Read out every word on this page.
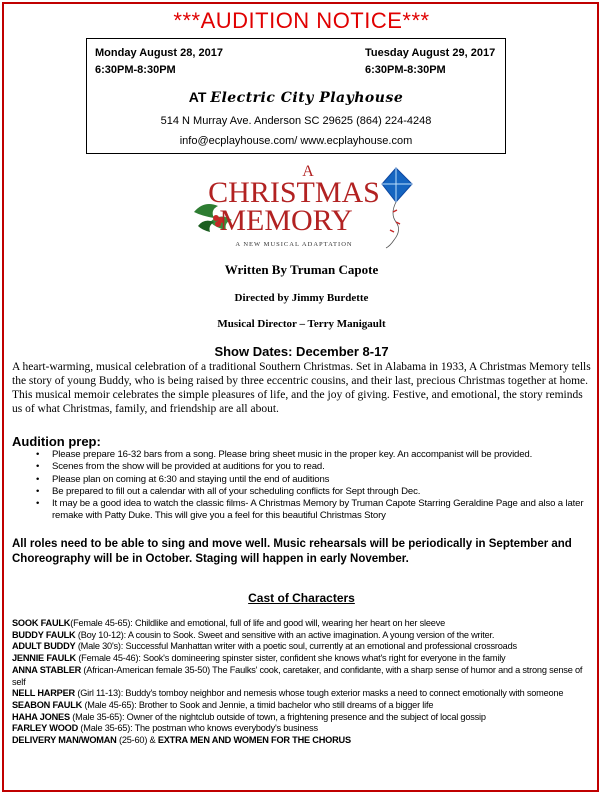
***AUDITION NOTICE***
Monday August 28, 2017
6:30PM-8:30PM
Tuesday August 29, 2017
6:30PM-8:30PM
AT Electric City Playhouse
514 N Murray Ave. Anderson SC 29625 (864) 224-4248
info@ecplayhouse.com/ www.ecplayhouse.com
A
CHRISTMAS
MEMORY
A NEW MUSICAL ADAPTATION
Written By Truman Capote
Directed by Jimmy Burdette
Musical Director – Terry Manigault
Show Dates: December 8-17
A heart-warming, musical celebration of a traditional Southern Christmas. Set in Alabama in 1933, A Christmas Memory tells the story of young Buddy, who is being raised by three eccentric cousins, and their last, precious Christmas together at home. This musical memoir celebrates the simple pleasures of life, and the joy of giving. Festive, and emotional, the story reminds us of what Christmas, family, and friendship are all about.
Audition prep:
• Please prepare 16-32 bars from a song. Please bring sheet music in the proper key. An accompanist will be provided.
• Scenes from the show will be provided at auditions for you to read.
• Please plan on coming at 6:30 and staying until the end of auditions
• Be prepared to fill out a calendar with all of your scheduling conflicts for Sept through Dec.
• It may be a good idea to watch the classic films- A Christmas Memory by Truman Capote Starring Geraldine Page and also a later remake with Patty Duke. This will give you a feel for this beautiful Christmas Story
All roles need to be able to sing and move well. Music rehearsals will be periodically in September and Choreography will be in October. Staging will happen in early November.
Cast of Characters
SOOK FAULK(Female 45-65): Childlike and emotional, full of life and good will, wearing her heart on her sleeve
BUDDY FAULK (Boy 10-12): A cousin to Sook. Sweet and sensitive with an active imagination. A young version of the writer.
ADULT BUDDY (Male 30's): Successful Manhattan writer with a poetic soul, currently at an emotional and professional crossroads
JENNIE FAULK (Female 45-46): Sook's domineering spinster sister, confident she knows what's right for everyone in the family
ANNA STABLER (African-American female 35-50) The Faulks' cook, caretaker, and confidante, with a sharp sense of humor and a strong sense of self
NELL HARPER (Girl 11-13): Buddy's tomboy neighbor and nemesis whose tough exterior masks a need to connect emotionally with someone
SEABON FAULK (Male 45-65): Brother to Sook and Jennie, a timid bachelor who still dreams of a bigger life
HAHA JONES (Male 35-65): Owner of the nightclub outside of town, a frightening presence and the subject of local gossip
FARLEY WOOD (Male 35-65): The postman who knows everybody's business
DELIVERY MAN/WOMAN (25-60) & EXTRA MEN AND WOMEN FOR THE CHORUS
